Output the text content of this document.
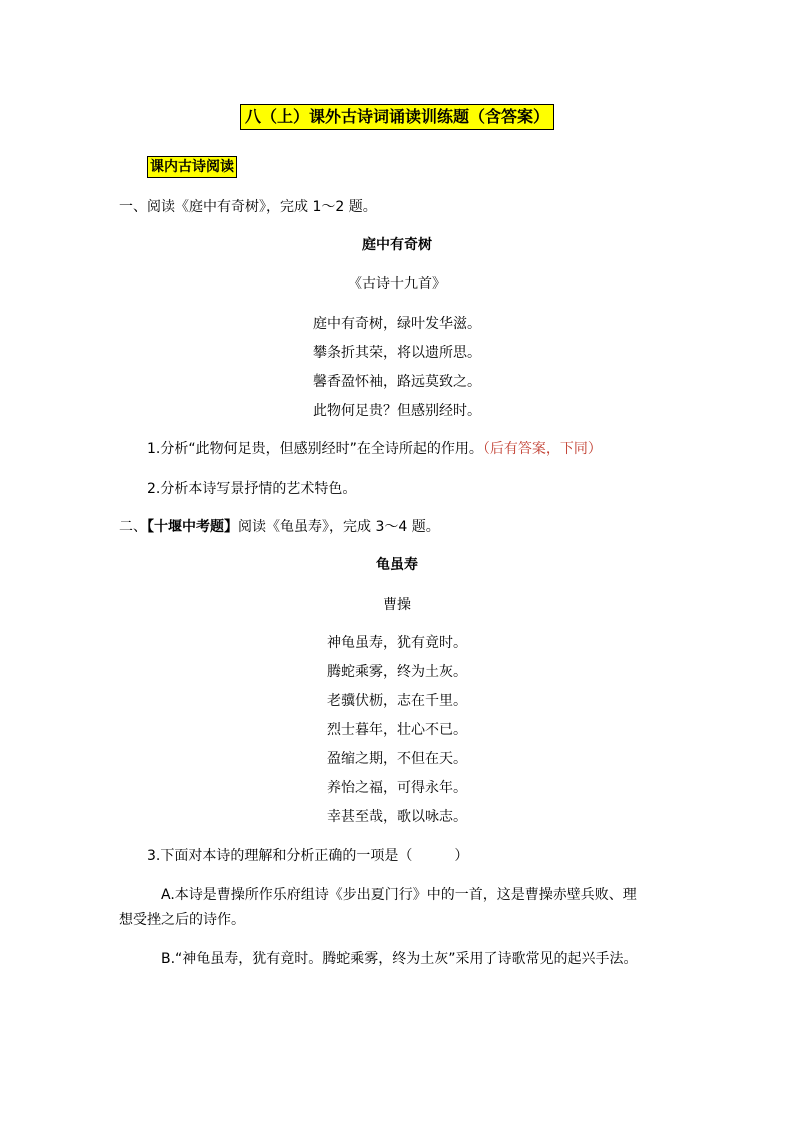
八（上）课外古诗词诵读训练题（含答案）
课内古诗阅读
一、阅读《庭中有奇树》，完成 1～2 题。
庭中有奇树
《古诗十九首》
庭中有奇树，绿叶发华滋。
攀条折其荣，将以遗所思。
馨香盈怀袖，路远莫致之。
此物何足贵？但感别经时。
1.分析“此物何足贵，但感别经时”在全诗所起的作用。（后有答案，下同）
2.分析本诗写景抒情的艺术特色。
二、【十堰中考题】阅读《龟虽寿》，完成 3～4 题。
龟虽寿
曹操
神龟虽寿，犹有竟时。
腾蛇乘雾，终为土灰。
老骥伏枥，志在千里。
烈士暮年，壮心不已。
盈缩之期，不但在天。
养怡之福，可得永年。
幸甚至哉，歌以咏志。
3.下面对本诗的理解和分析正确的一项是（　　　）
A.本诗是曹操所作乐府组诗《步出夏门行》中的一首，这是曹操赤壁兵败、理
想受挫之后的诗作。
B.“神龟虽寿，犹有竟时。腾蛇乘雾，终为土灰”采用了诗歌常见的起兴手法。
